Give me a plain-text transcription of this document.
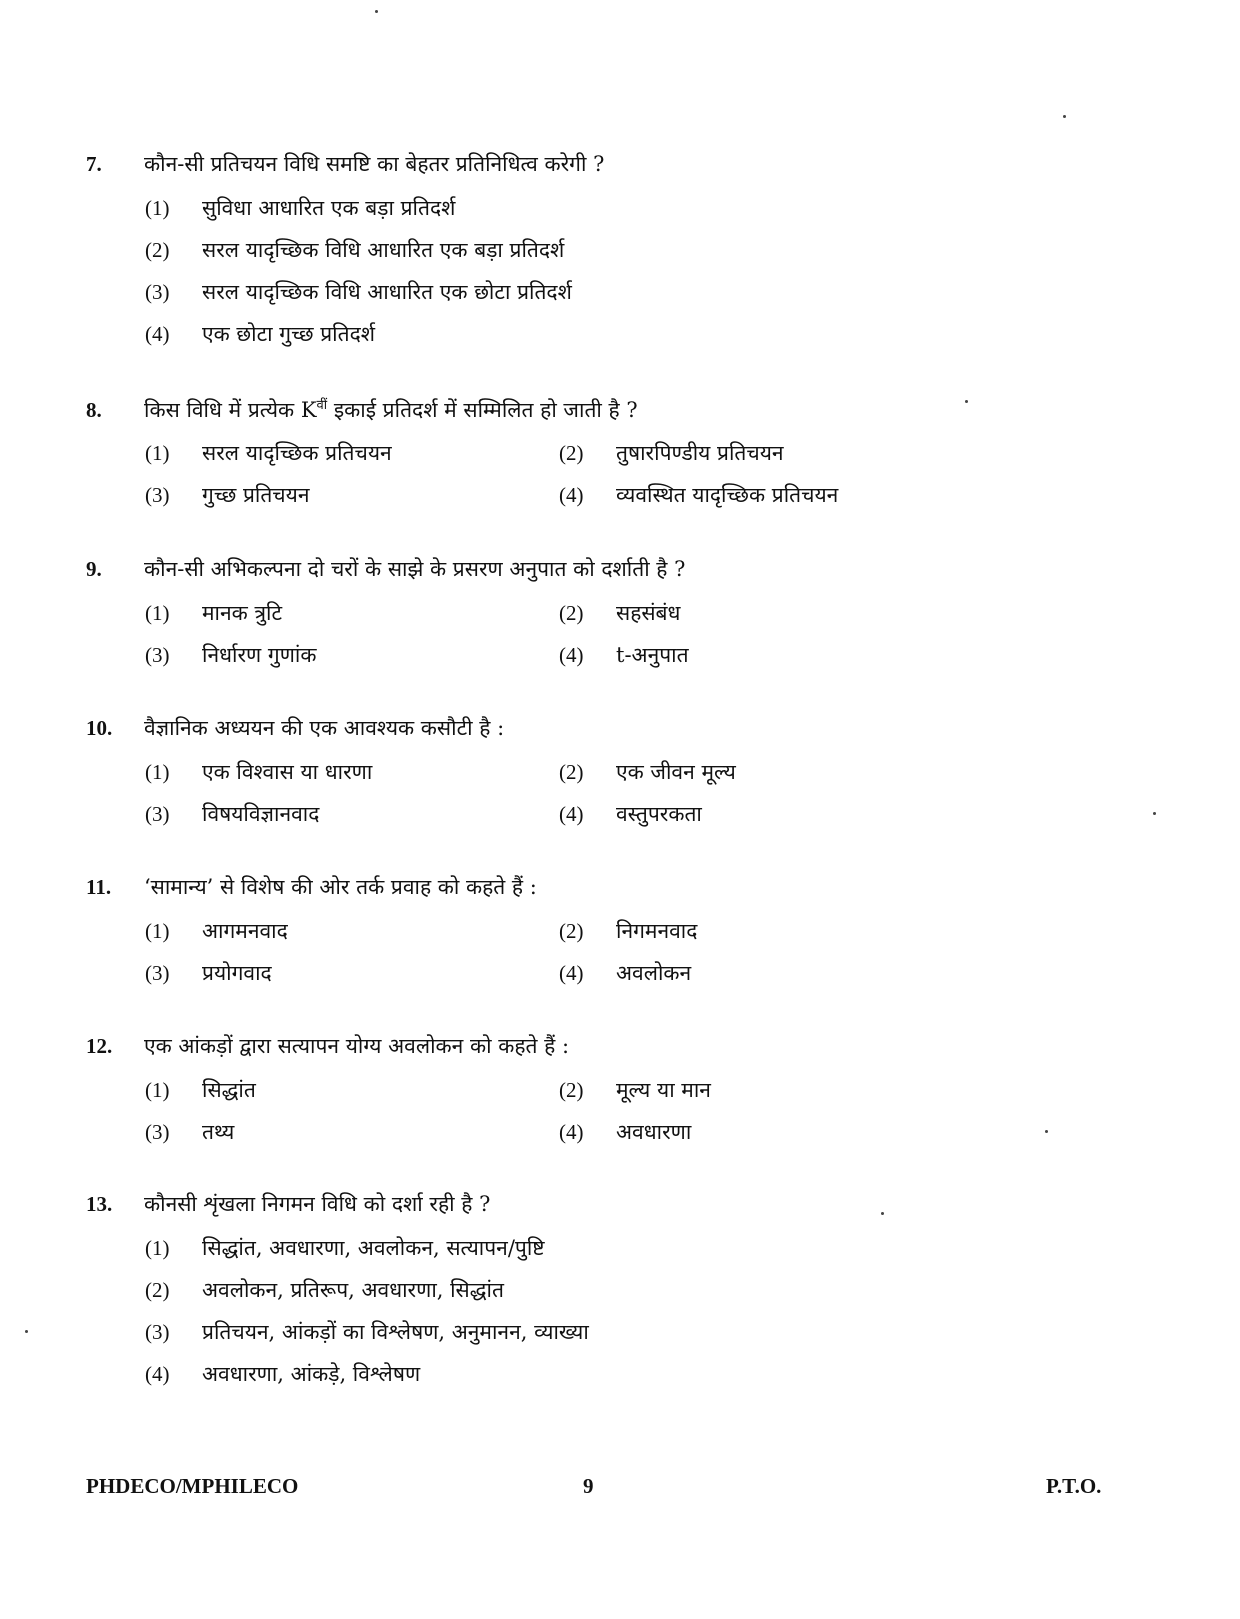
7.	कौन-सी प्रतिचयन विधि समष्टि का बेहतर प्रतिनिधित्व करेगी ?
(1)	सुविधा आधारित एक बड़ा प्रतिदर्श
(2)	सरल यादृच्छिक विधि आधारित एक बड़ा प्रतिदर्श
(3)	सरल यादृच्छिक विधि आधारित एक छोटा प्रतिदर्श
(4)	एक छोटा गुच्छ प्रतिदर्श
8.	किस विधि में प्रत्येक $K^{वीं}$ इकाई प्रतिदर्श में सम्मिलित हो जाती है ?
(1)	सरल यादृच्छिक प्रतिचयन	(2)	तुषारपिण्डीय प्रतिचयन
(3)	गुच्छ प्रतिचयन	(4)	व्यवस्थित यादृच्छिक प्रतिचयन
9.	कौन-सी अभिकल्पना दो चरों के साझे के प्रसरण अनुपात को दर्शाती है ?
(1)	मानक त्रुटि	(2)	सहसंबंध
(3)	निर्धारण गुणांक	(4)	t-अनुपात
10.	वैज्ञानिक अध्ययन की एक आवश्यक कसौटी है :
(1)	एक विश्वास या धारणा	(2)	एक जीवन मूल्य
(3)	विषयविज्ञानवाद	(4)	वस्तुपरकता
11.	‘सामान्य’ से विशेष की ओर तर्क प्रवाह को कहते हैं :
(1)	आगमनवाद	(2)	निगमनवाद
(3)	प्रयोगवाद	(4)	अवलोकन
12.	एक आंकड़ों द्वारा सत्यापन योग्य अवलोकन को कहते हैं :
(1)	सिद्धांत	(2)	मूल्य या मान
(3)	तथ्य	(4)	अवधारणा
13.	कौनसी शृंखला निगमन विधि को दर्शा रही है ?
(1)	सिद्धांत, अवधारणा, अवलोकन, सत्यापन/पुष्टि
(2)	अवलोकन, प्रतिरूप, अवधारणा, सिद्धांत
(3)	प्रतिचयन, आंकड़ों का विश्लेषण, अनुमानन, व्याख्या
(4)	अवधारणा, आंकड़े, विश्लेषण
PHDECO/MPHILECO	9	P.T.O.
